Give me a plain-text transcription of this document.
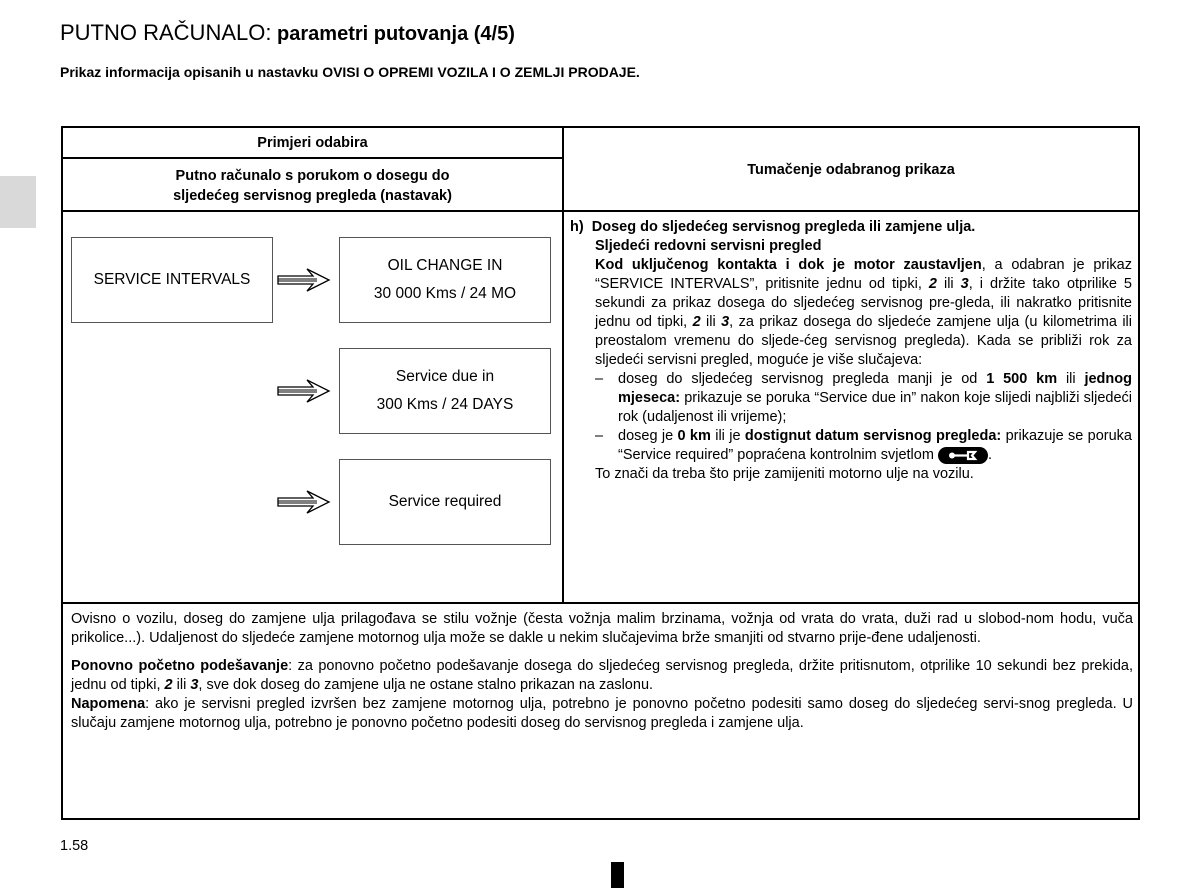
PUTNO RAČUNALO: parametri putovanja (4/5)
Prikaz informacija opisanih u nastavku OVISI O OPREMI VOZILA I O ZEMLJI PRODAJE.
Primjeri odabira
Putno računalo s porukom o dosegu do
sljedećeg servisnog pregleda (nastavak)
Tumačenje odabranog prikaza
SERVICE INTERVALS
OIL CHANGE IN
30 000 Kms / 24 MO
Service due in
300 Kms / 24 DAYS
Service required

h) Doseg do sljedećeg servisnog pregleda ili zamjene ulja.

Sljedeći redovni servisni pregled

Kod uključenog kontakta i dok je motor zaustavljen, a odabran je prikaz “SERVICE INTERVALS”, pritisnite jednu od tipki, 2 ili 3, i držite tako otprilike 5 sekundi za prikaz dosega do sljedećeg servisnog pre-gleda, ili nakratko pritisnite jednu od tipki, 2 ili 3, za prikaz dosega do sljedeće zamjene ulja (u kilometrima ili preostalom vremenu do sljede-ćeg servisnog pregleda). Kada se približi rok za sljedeći servisni pregled, moguće je više slučajeva:

– doseg do sljedećeg servisnog pregleda manji je od 1 500 km ili jednog mjeseca: prikazuje se poruka “Service due in” nakon koje slijedi najbliži sljedeći rok (udaljenost ili vrijeme);

– doseg je 0 km ili je dostignut datum servisnog pregleda: prikazuje se poruka “Service required” popraćena kontrolnim svjetlom	.

To znači da treba što prije zamijeniti motorno ulje na vozilu.

Ovisno o vozilu, doseg do zamjene ulja prilagođava se stilu vožnje (česta vožnja malim brzinama, vožnja od vrata do vrata, duži rad u slobod-nom hodu, vuča prikolice...). Udaljenost do sljedeće zamjene motornog ulja može se dakle u nekim slučajevima brže smanjiti od stvarno prije-đene udaljenosti.

Ponovno početno podešavanje: za ponovno početno podešavanje dosega do sljedećeg servisnog pregleda, držite pritisnutom, otprilike 10 sekundi bez prekida, jednu od tipki, 2 ili 3, sve dok doseg do zamjene ulja ne ostane stalno prikazan na zaslonu.

Napomena: ako je servisni pregled izvršen bez zamjene motornog ulja, potrebno je ponovno početno podesiti samo doseg do sljedećeg servi-snog pregleda. U slučaju zamjene motornog ulja, potrebno je ponovno početno podesiti doseg do servisnog pregleda i zamjene ulja.

1.58
